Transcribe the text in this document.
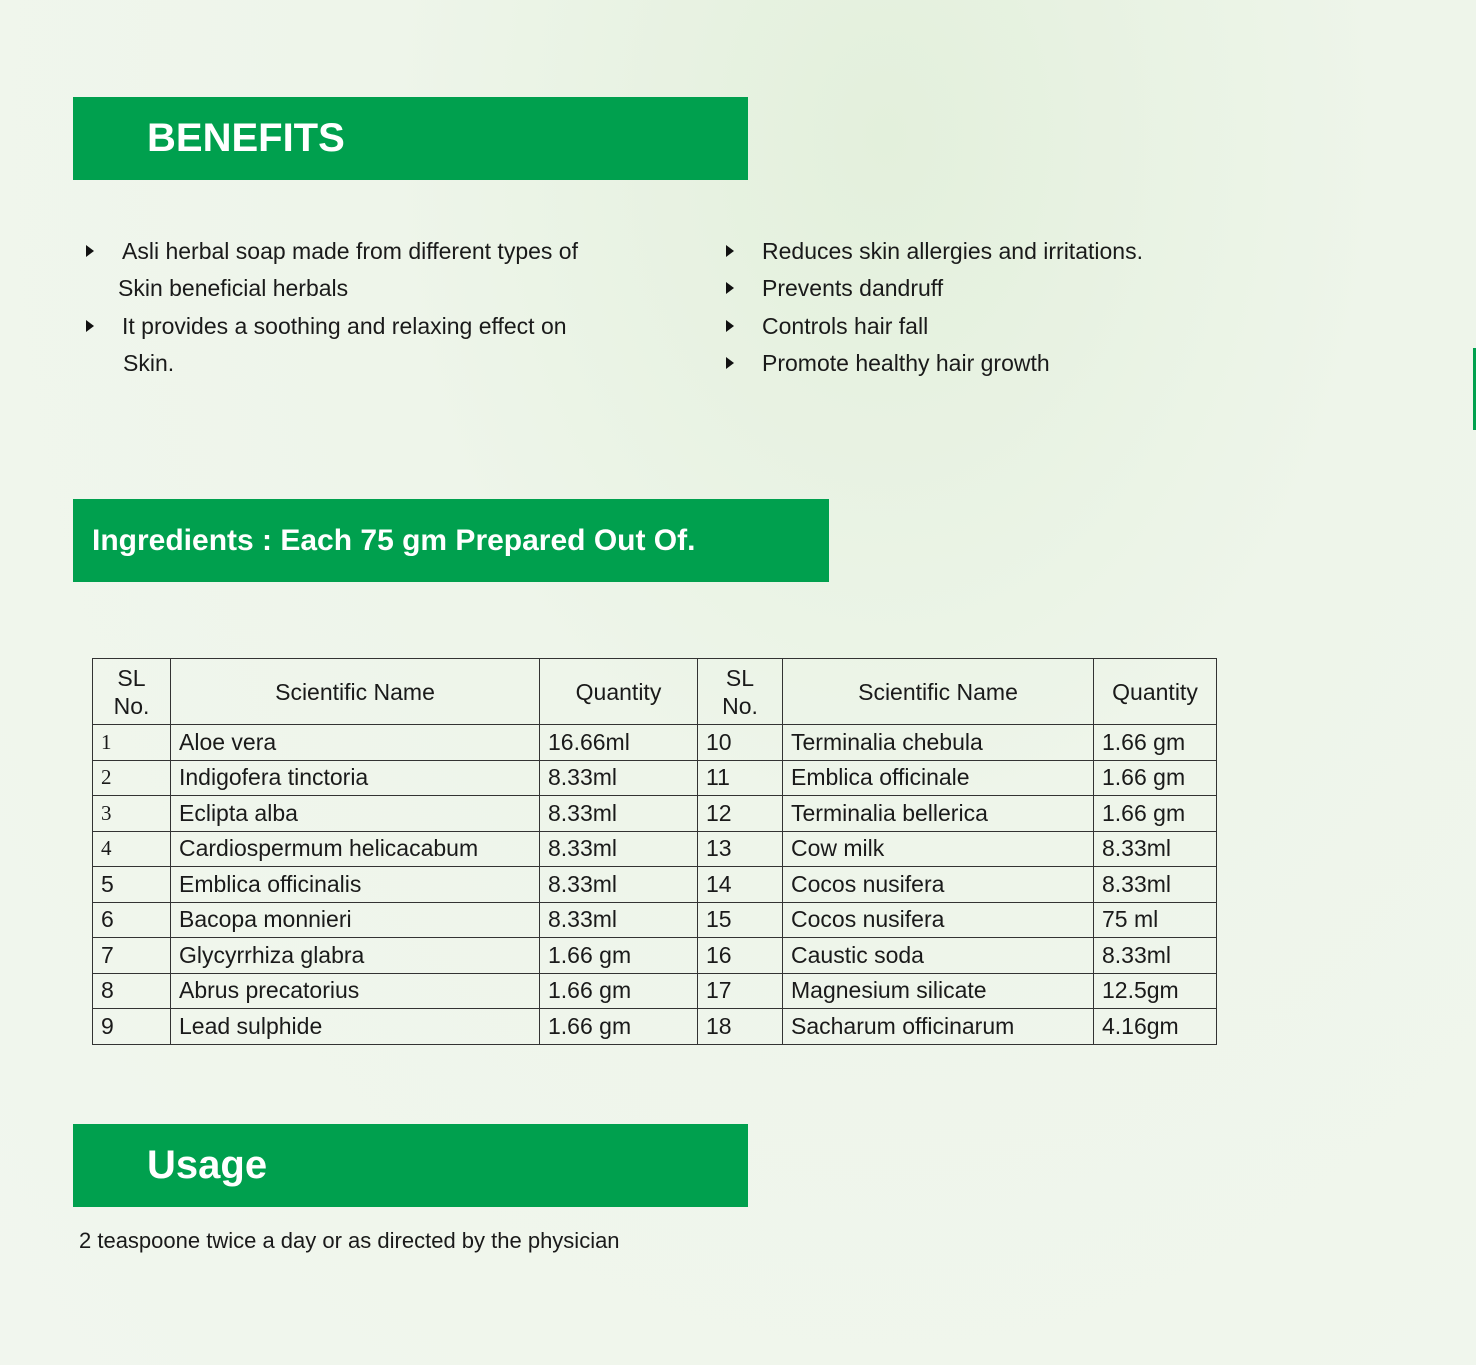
BENEFITS
Asli herbal soap made from different types of
Skin beneficial herbals
It provides a soothing and relaxing effect on
Skin.
Reduces skin allergies and irritations.
Prevents dandruff
Controls hair fall
Promote healthy hair growth
Ingredients : Each 75 gm Prepared Out Of.
SL No.	Scientific Name	Quantity	SL No.	Scientific Name	Quantity
1	Aloe vera	16.66ml	10	Terminalia chebula	1.66 gm
2	Indigofera tinctoria	8.33ml	11	Emblica officinale	1.66 gm
3	Eclipta alba	8.33ml	12	Terminalia bellerica	1.66 gm
4	Cardiospermum helicacabum	8.33ml	13	Cow milk	8.33ml
5	Emblica officinalis	8.33ml	14	Cocos nusifera	8.33ml
6	Bacopa monnieri	8.33ml	15	Cocos nusifera	75 ml
7	Glycyrrhiza glabra	1.66 gm	16	Caustic soda	8.33ml
8	Abrus precatorius	1.66 gm	17	Magnesium silicate	12.5gm
9	Lead sulphide	1.66 gm	18	Sacharum officinarum	4.16gm
Usage
2 teaspoone twice a day or as directed by the physician
